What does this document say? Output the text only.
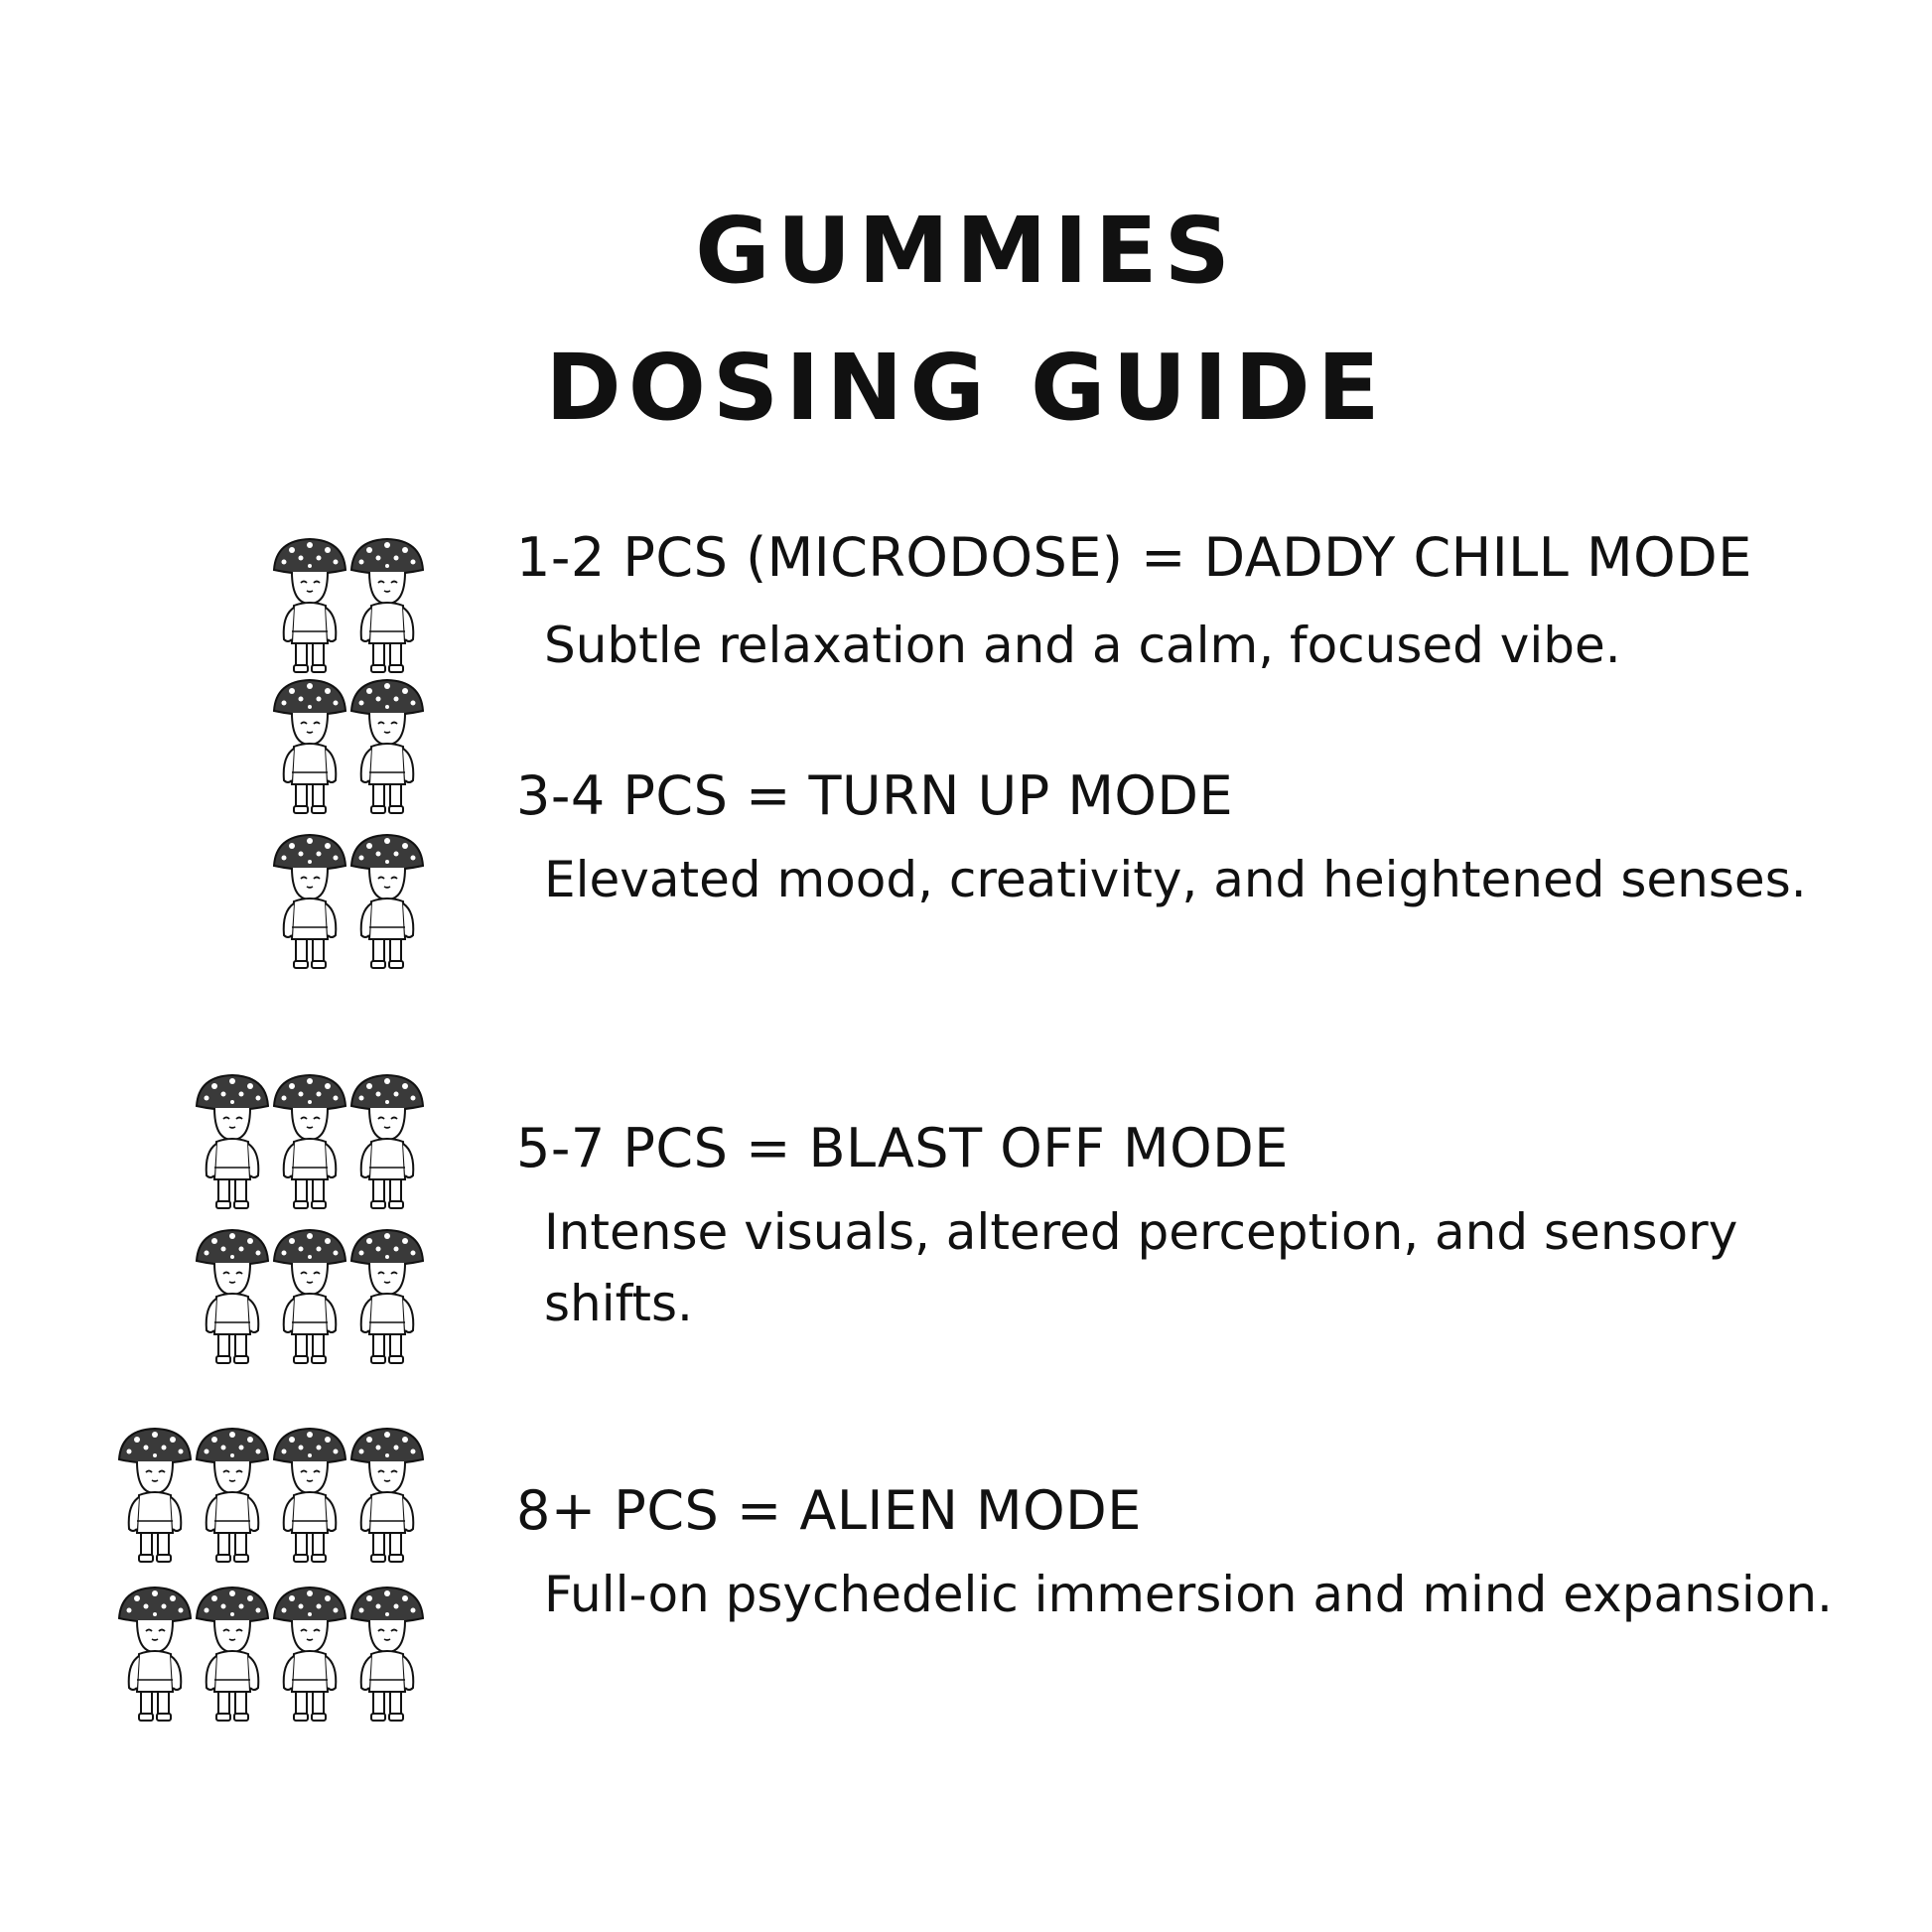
GUMMIES
DOSING GUIDE
1-2 PCS (MICRODOSE) = DADDY CHILL MODE
Subtle relaxation and a calm, focused vibe.
3-4 PCS = TURN UP MODE
Elevated mood, creativity, and heightened senses.
5-7 PCS = BLAST OFF MODE
Intense visuals, altered perception, and sensory shifts.
8+ PCS = ALIEN MODE
Full-on psychedelic immersion and mind expansion.
